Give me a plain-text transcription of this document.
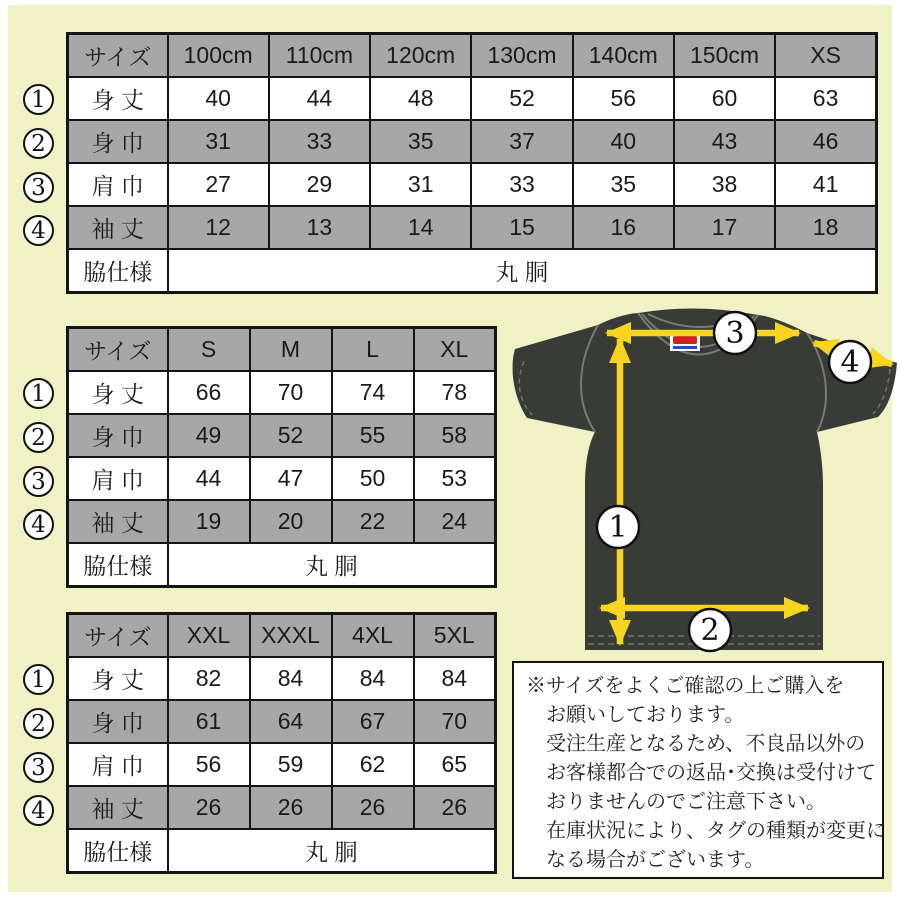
サイズ	100cm	110cm	120cm	130cm	140cm	150cm	XS
身 丈	40	44	48	52	56	60	63
身 巾	31	33	35	37	40	43	46
肩 巾	27	29	31	33	35	38	41
袖 丈	12	13	14	15	16	17	18
脇仕様	丸 胴						
1
2
3
4
サイズ	S	M	L	XL
身 丈	66	70	74	78
身 巾	49	52	55	58
肩 巾	44	47	50	53
袖 丈	19	20	22	24
脇仕様	丸 胴			
1
2
3
4
サイズ	XXL	XXXL	4XL	5XL
身 丈	82	84	84	84
身 巾	61	64	67	70
肩 巾	56	59	62	65
袖 丈	26	26	26	26
脇仕様	丸 胴			
1
2
3
4
1
2
3
4
※サイズをよくご確認の上ご購入を
お願いしております。
受注生産となるため、不良品以外の
お客様都合での返品･交換は受付けて
おりませんのでご注意下さい。
在庫状況により、タグの種類が変更に
なる場合がございます。
